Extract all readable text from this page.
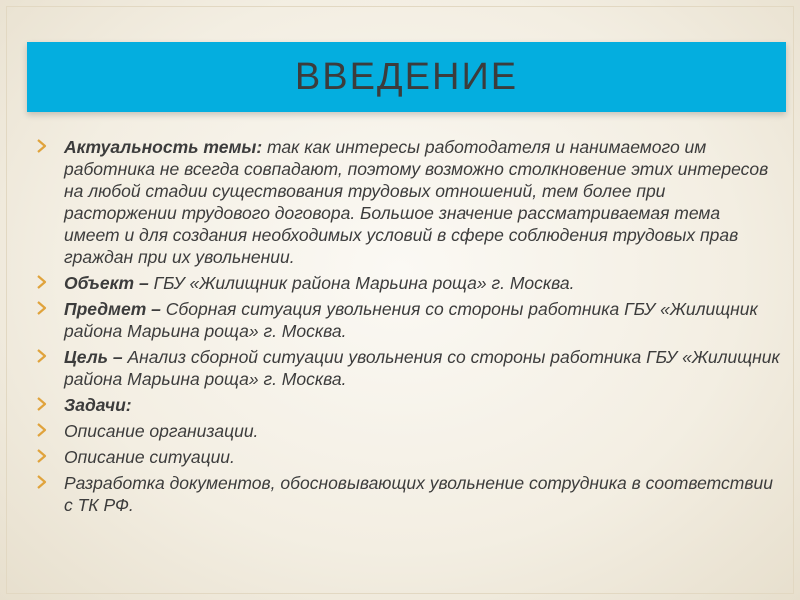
ВВЕДЕНИЕ
Актуальность темы: так как интересы работодателя и нанимаемого им работника не всегда совпадают, поэтому возможно столкновение этих интересов на любой стадии существования трудовых отношений, тем более при расторжении трудового договора. Большое значение рассматриваемая тема имеет и для создания необходимых условий в сфере соблюдения трудовых прав граждан при их увольнении.
Объект – ГБУ «Жилищник района Марьина роща» г. Москва.
Предмет – Сборная ситуация увольнения со стороны работника ГБУ «Жилищник района Марьина роща» г. Москва.
Цель – Анализ сборной ситуации увольнения со стороны работника ГБУ «Жилищник района Марьина роща» г. Москва.
Задачи:
Описание организации.
Описание ситуации.
Разработка документов, обосновывающих увольнение сотрудника в соответствии с ТК РФ.
